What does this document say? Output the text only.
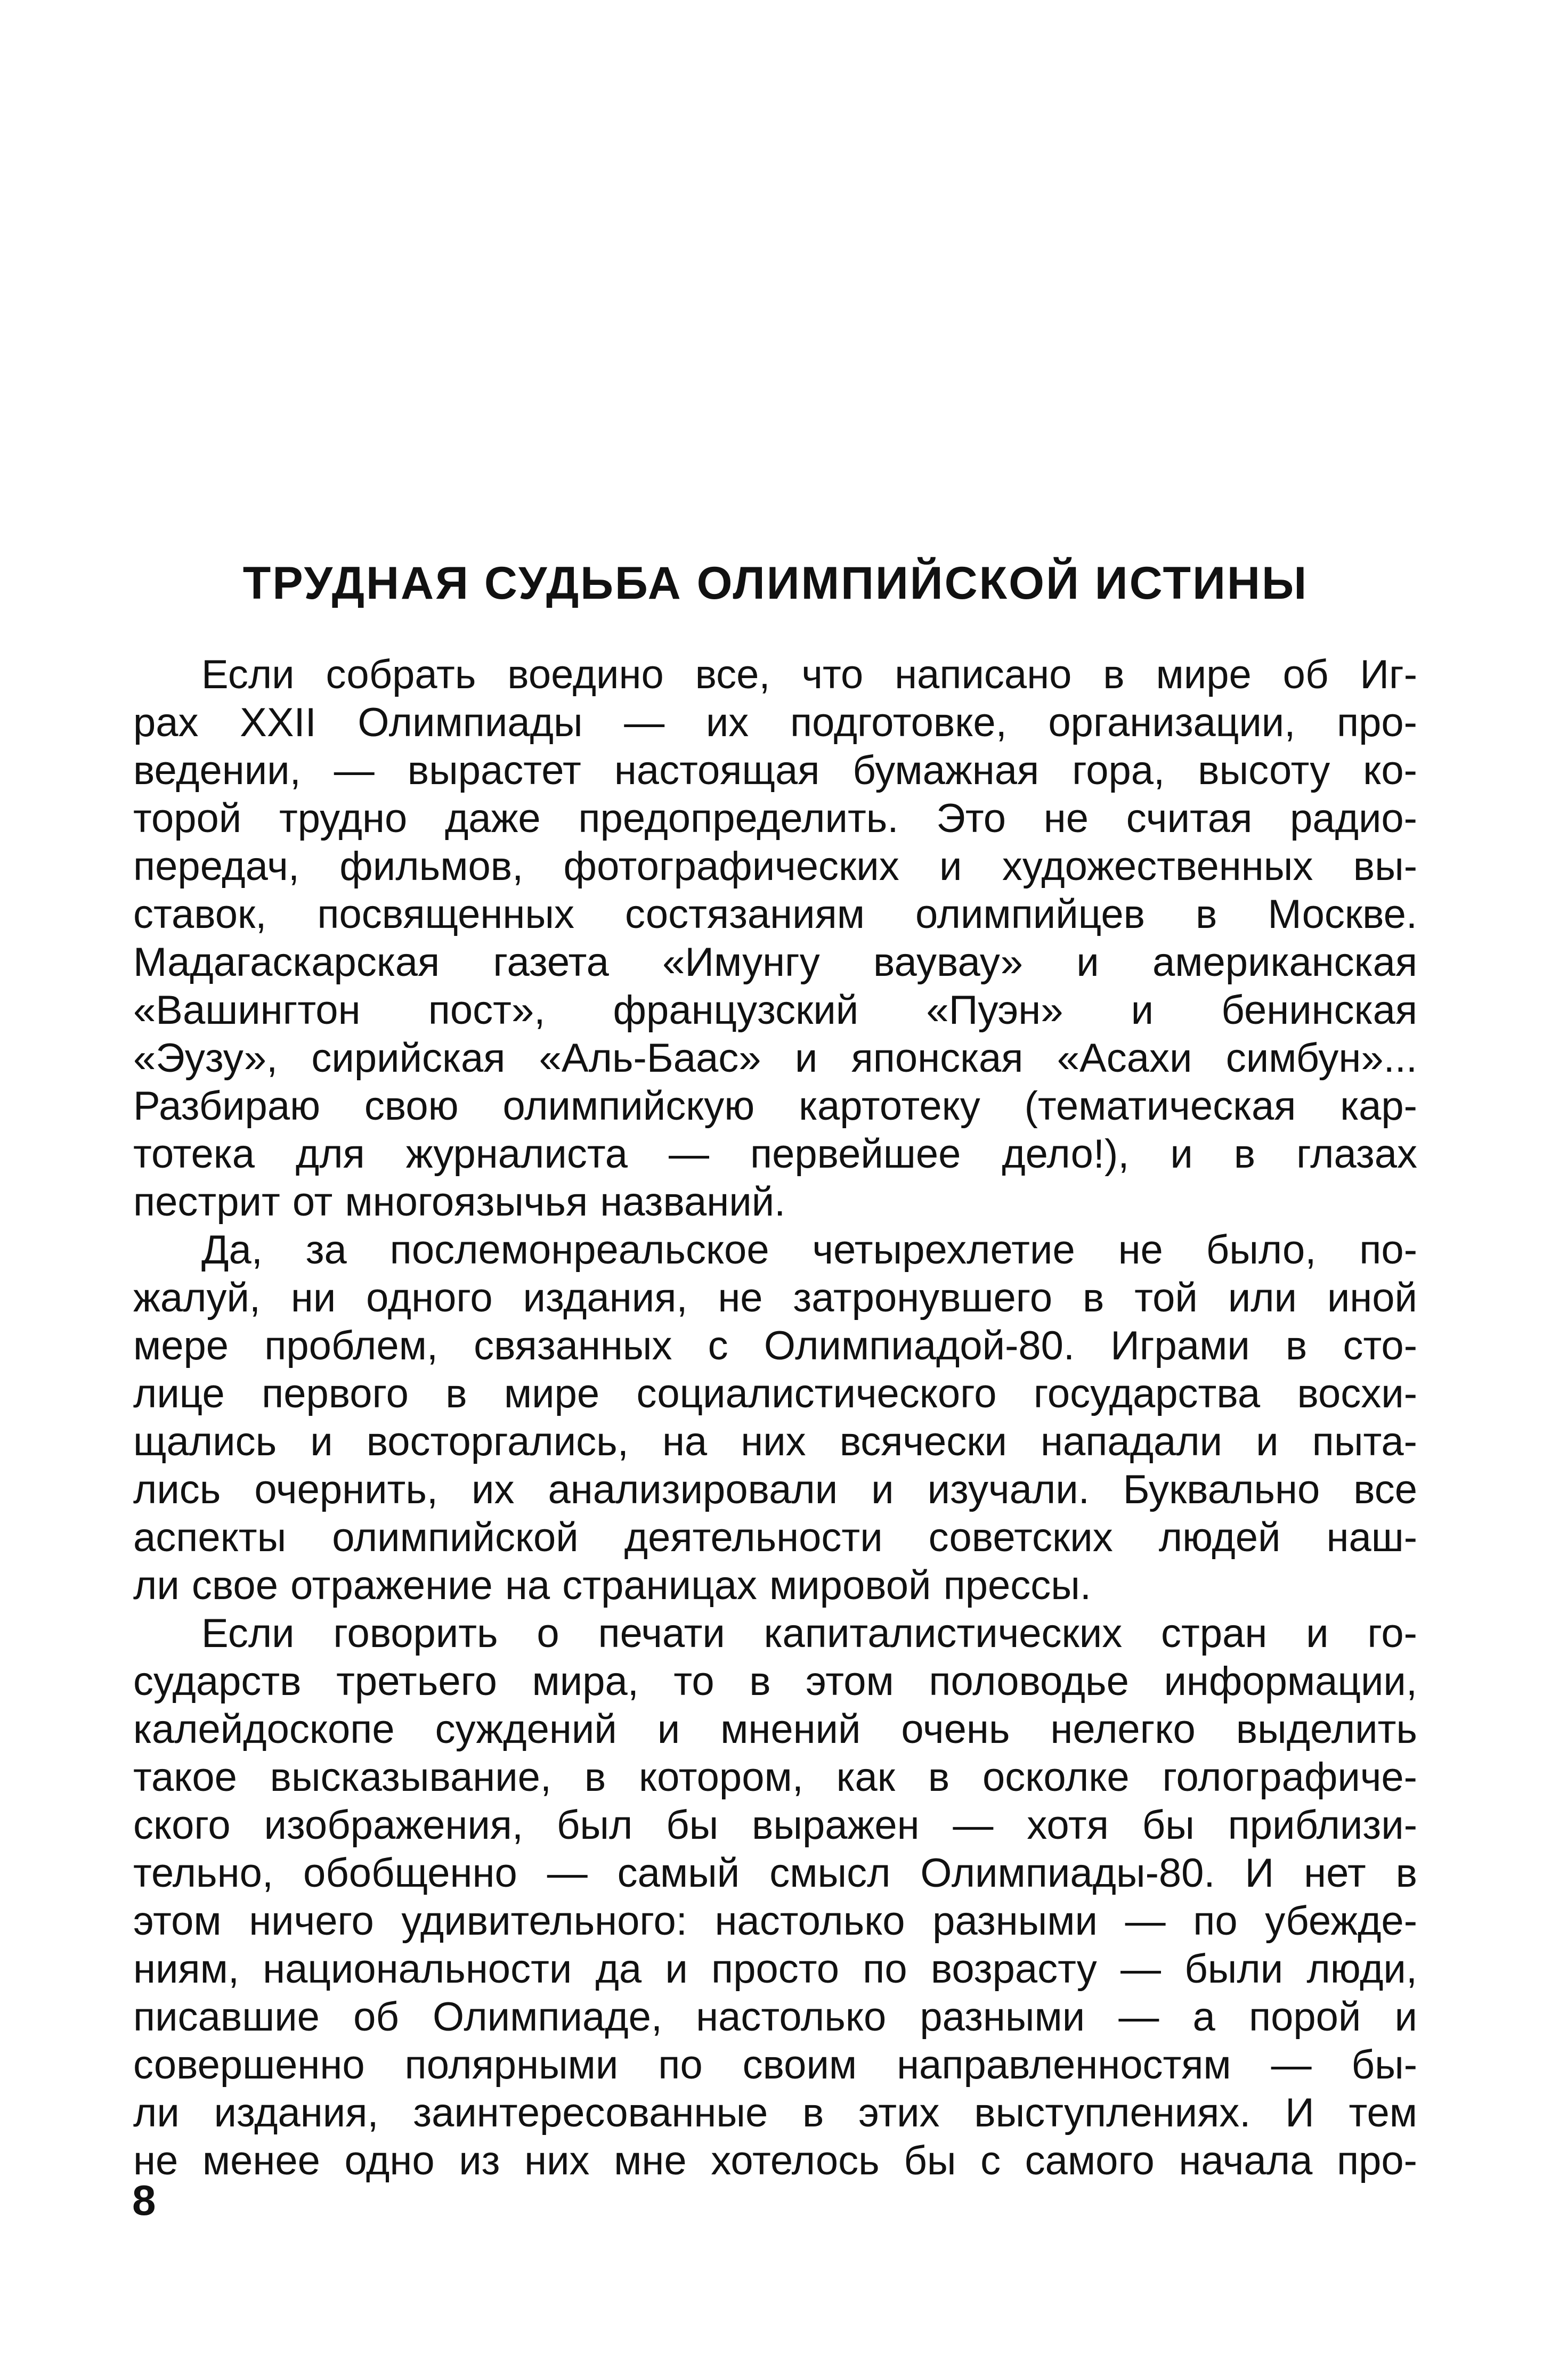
ТРУДНАЯ СУДЬБА ОЛИМПИЙСКОЙ ИСТИНЫ
Если собрать воедино все, что написано в мире об Иг-
рах XXII Олимпиады — их подготовке, организации, про-
ведении, — вырастет настоящая бумажная гора, высоту ко-
торой трудно даже предопределить. Это не считая радио-
передач, фильмов, фотографических и художественных вы-
ставок, посвященных состязаниям олимпийцев в Москве.
Мадагаскарская газета «Имунгу ваувау» и американская
«Вашингтон пост», французский «Пуэн» и бенинская
«Эузу», сирийская «Аль-Баас» и японская «Асахи симбун»...
Разбираю свою олимпийскую картотеку (тематическая кар-
тотека для журналиста — первейшее дело!), и в глазах
пестрит от многоязычья названий.
Да, за послемонреальское четырехлетие не было, по-
жалуй, ни одного издания, не затронувшего в той или иной
мере проблем, связанных с Олимпиадой-80. Играми в сто-
лице первого в мире социалистического государства восхи-
щались и восторгались, на них всячески нападали и пыта-
лись очернить, их анализировали и изучали. Буквально все
аспекты олимпийской деятельности советских людей наш-
ли свое отражение на страницах мировой прессы.
Если говорить о печати капиталистических стран и го-
сударств третьего мира, то в этом половодье информации,
калейдоскопе суждений и мнений очень нелегко выделить
такое высказывание, в котором, как в осколке голографиче-
ского изображения, был бы выражен — хотя бы приблизи-
тельно, обобщенно — самый смысл Олимпиады-80. И нет в
этом ничего удивительного: настолько разными — по убежде-
ниям, национальности да и просто по возрасту — были люди,
писавшие об Олимпиаде, настолько разными — а порой и
совершенно полярными по своим направленностям — бы-
ли издания, заинтересованные в этих выступлениях. И тем
не менее одно из них мне хотелось бы с самого начала про-
8
